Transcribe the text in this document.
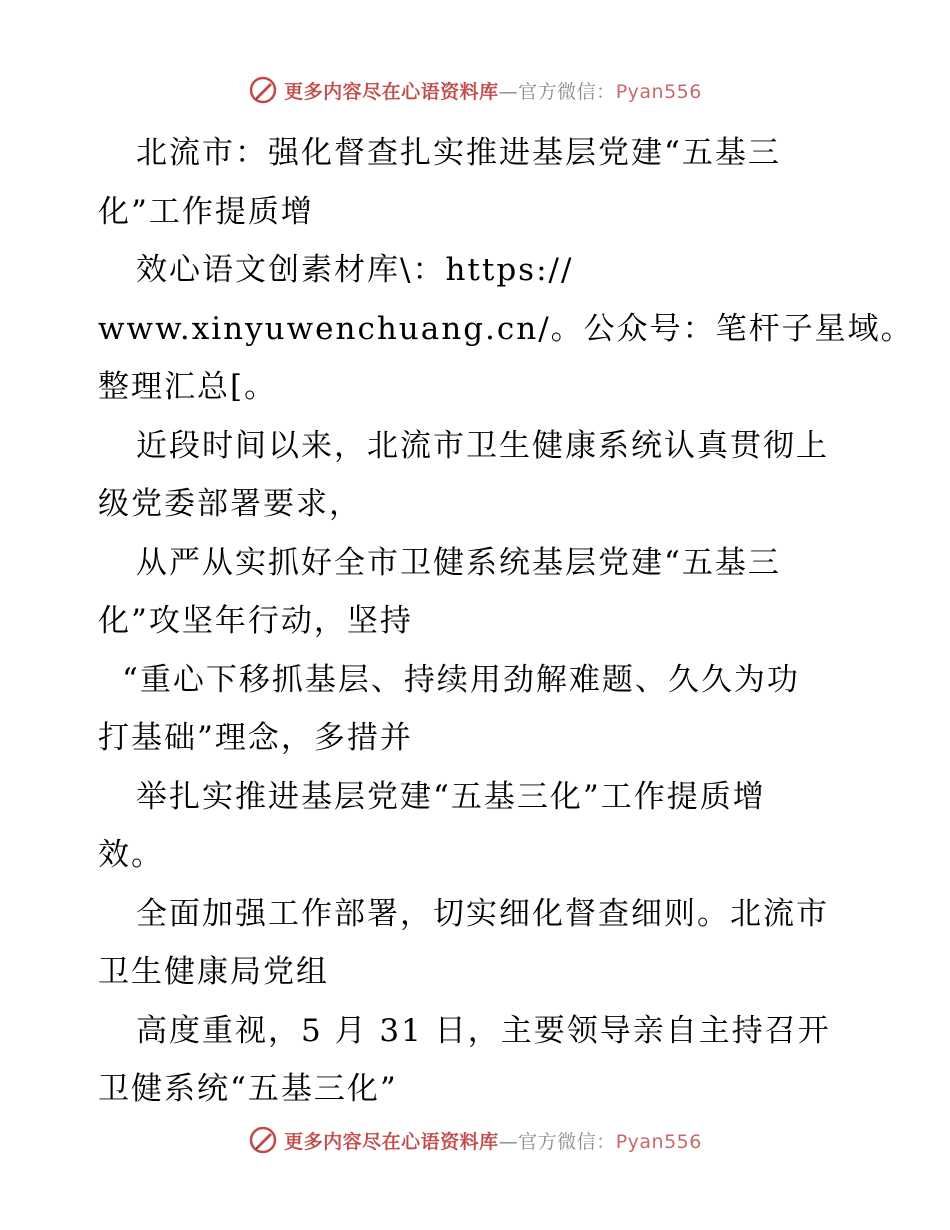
更多内容尽在心语资料库—官方微信：Pyan556
北流市：强化督查扎实推进基层党建“五基三
化”工作提质增
效心语文创素材库\：https://
www.xinyuwenchuang.cn/。公众号：笔杆子星域。
整理汇总[。
近段时间以来，北流市卫生健康系统认真贯彻上
级党委部署要求，
从严从实抓好全市卫健系统基层党建“五基三
化”攻坚年行动，坚持
“重心下移抓基层、持续用劲解难题、久久为功
打基础”理念，多措并
举扎实推进基层党建“五基三化”工作提质增
效。
全面加强工作部署，切实细化督查细则。北流市
卫生健康局党组
高度重视，5 月 31 日，主要领导亲自主持召开
卫健系统“五基三化”
更多内容尽在心语资料库—官方微信：Pyan556
